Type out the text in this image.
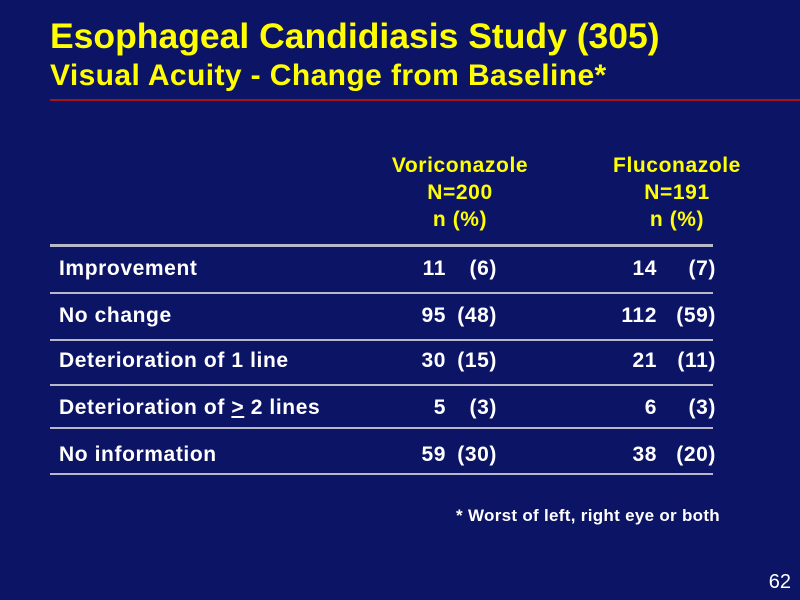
Esophageal Candidiasis Study (305)
Visual Acuity - Change from Baseline*
Voriconazole
N=200
n (%)
Fluconazole
N=191
n (%)
Improvement	11 (6)	14 (7)
No change	95 (48)	112 (59)
Deterioration of 1 line	30 (15)	21 (11)
Deterioration of ≥ 2 lines	5 (3)	6 (3)
No information	59 (30)	38 (20)
* Worst of left, right eye or both
62
